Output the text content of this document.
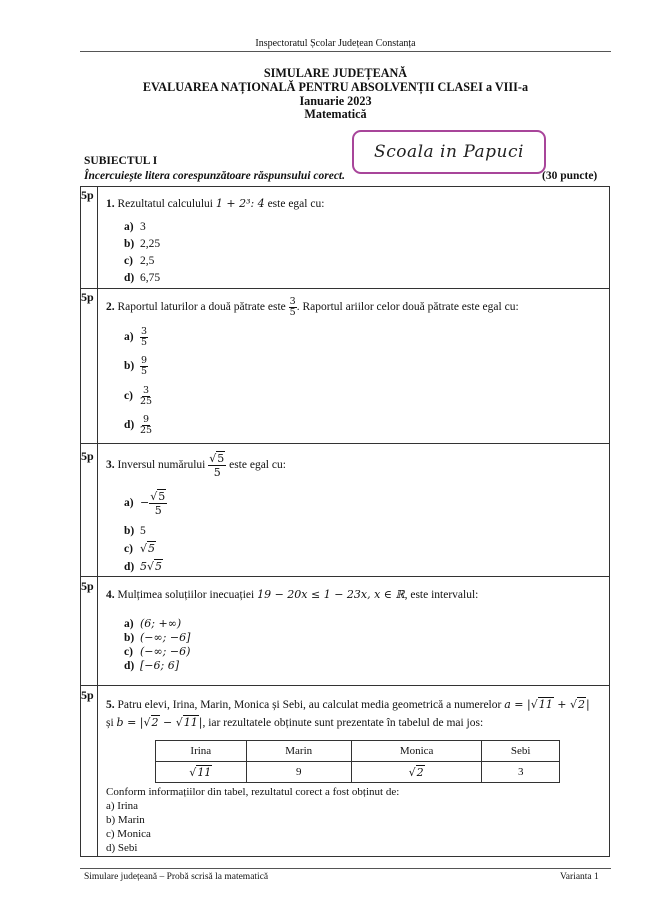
Inspectoratul Școlar Județean Constanța
SIMULARE JUDEȚEANĂ
EVALUAREA NAȚIONALĂ PENTRU ABSOLVENȚII CLASEI a VIII-a
Ianuarie 2023
Matematică
SUBIECTUL I
Încercuiește litera corespunzătoare răspunsului corect.	(30 puncte)
Scoala in Papuci
5p
1. Rezultatul calculului 1 + 2³: 4 este egal cu:
a) 3
b) 2,25
c) 2,5
d) 6,75
5p
2. Raportul laturilor a două pătrate este $\frac{3}{5}$ . Raportul ariilor celor două pătrate este egal cu:
$a) \frac{3}{5}$
$b) \frac{9}{5}$
$c) \frac{3}{25}$
$d) \frac{9}{25}$
5p
3. Inversul numărului $\frac{√5}{5}$ este egal cu:
$a) - \frac{√5}{5}$
b) 5
c) √5
d) 5√5
5p
4. Mulțimea soluțiilor inecuației 19 − 20x ≤ 1 − 23x, x ∈ ℝ, este intervalul:
a) (6; +∞)
b) (−∞; −6]
c) (−∞; −6)
d) [−6; 6]
5p
5. Patru elevi, Irina, Marin, Monica și Sebi, au calculat media geometrică a numerelor a = |√11 + √2|
și b = |√2 − √11|, iar rezultatele obținute sunt prezentate în tabelul de mai jos:
Irina	Marin	Monica	Sebi
√11	9	√2	3
Conform informațiilor din tabel, rezultatul corect a fost obținut de:
a) Irina
b) Marin
c) Monica
d) Sebi
Simulare județeană – Probă scrisă la matematică	Varianta 1
